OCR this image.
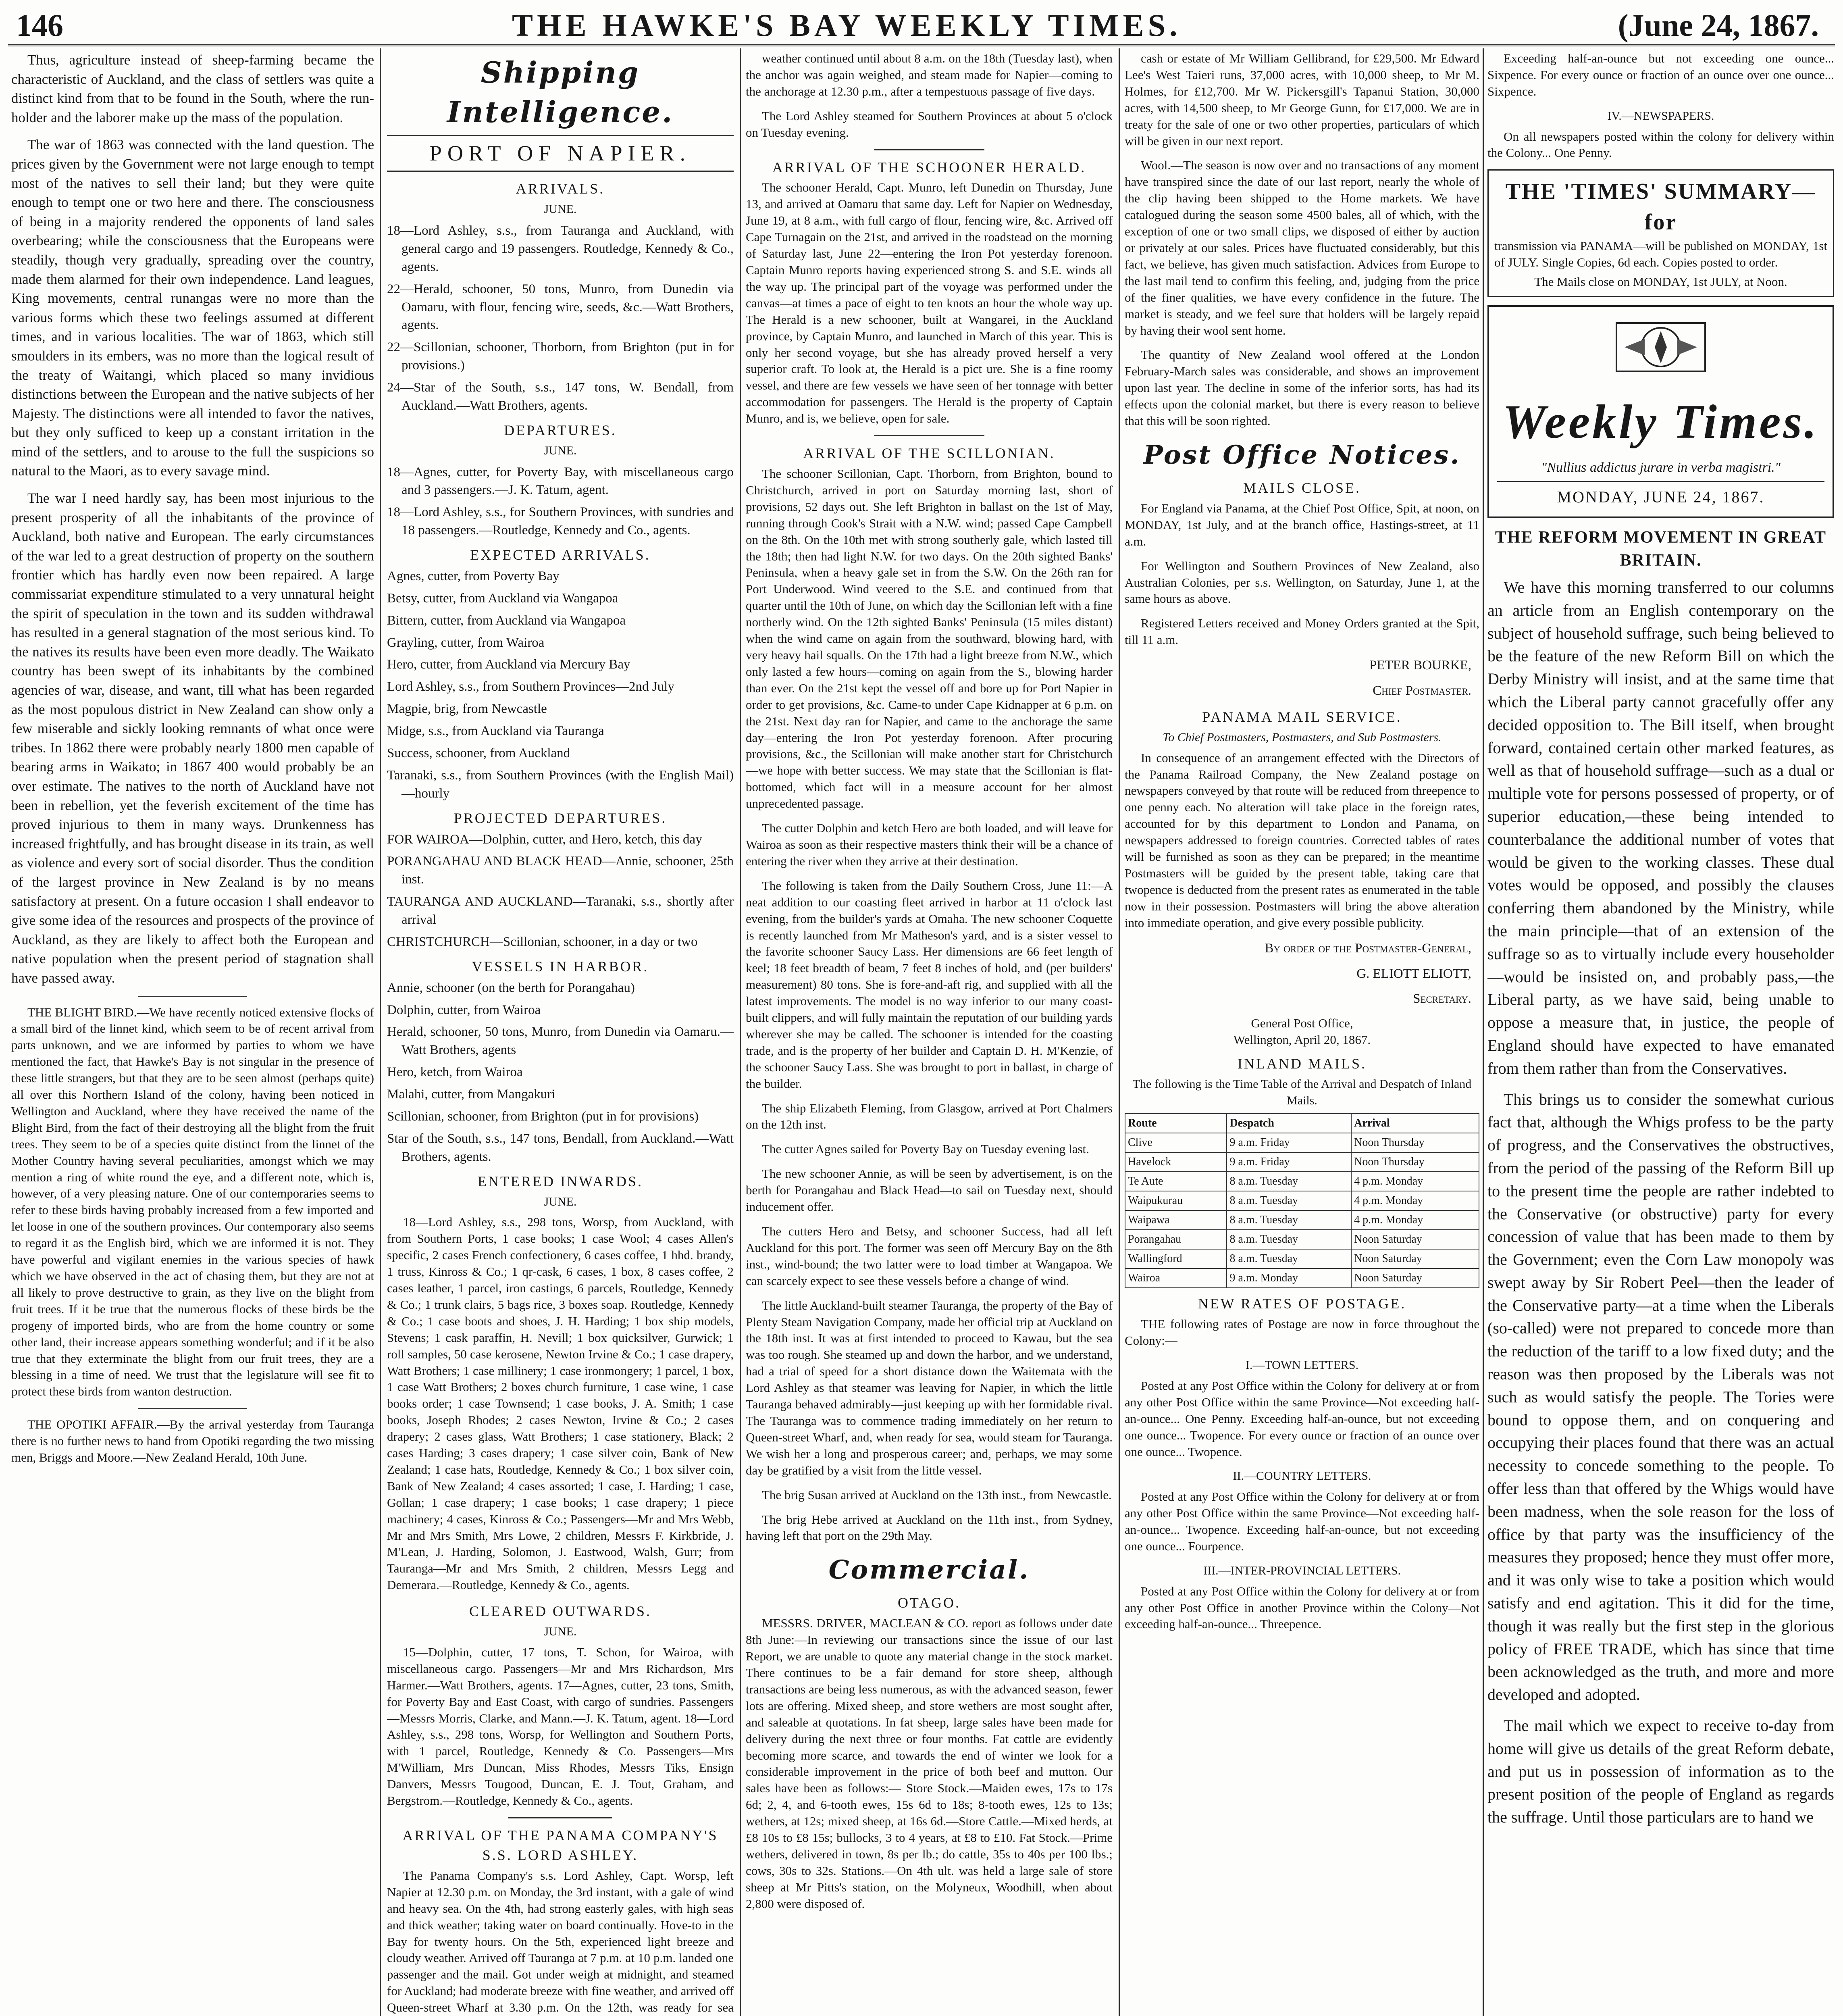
146	THE HAWKE'S BAY WEEKLY TIMES.	(June 24, 1867.

Thus, agriculture instead of sheep-farming became the characteristic of Auckland, and the class of settlers was quite a distinct kind from that to be found in the South, where the run-holder and the laborer make up the mass of the population.

The war of 1863 was connected with the land question. The prices given by the Government were not large enough to tempt most of the natives to sell their land; but they were quite enough to tempt one or two here and there. The consciousness of being in a majority rendered the opponents of land sales overbearing; while the consciousness that the Europeans were steadily, though very gradually, spreading over the country, made them alarmed for their own independence. Land leagues, King movements, central runangas were no more than the various forms which these two feelings assumed at different times, and in various localities. The war of 1863, which still smoulders in its embers, was no more than the logical result of the treaty of Waitangi, which placed so many invidious distinctions between the European and the native subjects of her Majesty. The distinctions were all intended to favor the natives, but they only sufficed to keep up a constant irritation in the mind of the settlers, and to arouse to the full the suspicions so natural to the Maori, as to every savage mind.

The war I need hardly say, has been most injurious to the present prosperity of all the inhabitants of the province of Auckland, both native and European. The early circumstances of the war led to a great destruction of property on the southern frontier which has hardly even now been repaired. A large commissariat expenditure stimulated to a very unnatural height the spirit of speculation in the town and its sudden withdrawal has resulted in a general stagnation of the most serious kind. To the natives its results have been even more deadly. The Waikato country has been swept of its inhabitants by the combined agencies of war, disease, and want, till what has been regarded as the most populous district in New Zealand can show only a few miserable and sickly looking remnants of what once were tribes. In 1862 there were probably nearly 1800 men capable of bearing arms in Waikato; in 1867 400 would probably be an over estimate. The natives to the north of Auckland have not been in rebellion, yet the feverish excitement of the time has proved injurious to them in many ways. Drunkenness has increased frightfully, and has brought disease in its train, as well as violence and every sort of social disorder. Thus the condition of the largest province in New Zealand is by no means satisfactory at present. On a future occasion I shall endeavor to give some idea of the resources and prospects of the province of Auckland, as they are likely to affect both the European and native population when the present period of stagnation shall have passed away.

THE BLIGHT BIRD.—We have recently noticed extensive flocks of a small bird of the linnet kind, which seem to be of recent arrival from parts unknown, and we are informed by parties to whom we have mentioned the fact, that Hawke's Bay is not singular in the presence of these little strangers, but that they are to be seen almost (perhaps quite) all over this Northern Island of the colony, having been noticed in Wellington and Auckland, where they have received the name of the Blight Bird, from the fact of their destroying all the blight from the fruit trees. They seem to be of a species quite distinct from the linnet of the Mother Country having several peculiarities, amongst which we may mention a ring of white round the eye, and a different note, which is, however, of a very pleasing nature. One of our contemporaries seems to refer to these birds having probably increased from a few imported and let loose in one of the southern provinces. Our contemporary also seems to regard it as the English bird, which we are informed it is not. They have powerful and vigilant enemies in the various species of hawk which we have observed in the act of chasing them, but they are not at all likely to prove destructive to grain, as they live on the blight from fruit trees. If it be true that the numerous flocks of these birds be the progeny of imported birds, who are from the home country or some other land, their increase appears something wonderful; and if it be also true that they exterminate the blight from our fruit trees, they are a blessing in a time of need. We trust that the legislature will see fit to protect these birds from wanton destruction.

THE OPOTIKI AFFAIR.—By the arrival yesterday from Tauranga there is no further news to hand from Opotiki regarding the two missing men, Briggs and Moore.—New Zealand Herald, 10th June.

Shipping Intelligence.
PORT OF NAPIER.
ARRIVALS.
JUNE.
18—Lord Ashley, s.s., from Tauranga and Auckland, with general cargo and 19 passengers. Routledge, Kennedy & Co., agents.
22—Herald, schooner, 50 tons, Munro, from Dunedin via Oamaru, with flour, fencing wire, seeds, &c.—Watt Brothers, agents.
22—Scillonian, schooner, Thorborn, from Brighton (put in for provisions.)
24—Star of the South, s.s., 147 tons, W. Bendall, from Auckland.—Watt Brothers, agents.
DEPARTURES.
JUNE.
18—Agnes, cutter, for Poverty Bay, with miscellaneous cargo and 3 passengers.—J. K. Tatum, agent.
18—Lord Ashley, s.s., for Southern Provinces, with sundries and 18 passengers.—Routledge, Kennedy and Co., agents.
EXPECTED ARRIVALS.
Agnes, cutter, from Poverty Bay
Betsy, cutter, from Auckland via Wangapoa
Bittern, cutter, from Auckland via Wangapoa
Grayling, cutter, from Wairoa
Hero, cutter, from Auckland via Mercury Bay
Lord Ashley, s.s., from Southern Provinces—2nd July
Magpie, brig, from Newcastle
Midge, s.s., from Auckland via Tauranga
Success, schooner, from Auckland
Taranaki, s.s., from Southern Provinces (with the English Mail)—hourly
PROJECTED DEPARTURES.
FOR WAIROA—Dolphin, cutter, and Hero, ketch, this day
PORANGAHAU AND BLACK HEAD—Annie, schooner, 25th inst.
TAURANGA AND AUCKLAND—Taranaki, s.s., shortly after arrival
CHRISTCHURCH—Scillonian, schooner, in a day or two
VESSELS IN HARBOR.
Annie, schooner (on the berth for Porangahau)
Dolphin, cutter, from Wairoa
Herald, schooner, 50 tons, Munro, from Dunedin via Oamaru.—Watt Brothers, agents
Hero, ketch, from Wairoa
Malahi, cutter, from Mangakuri
Scillonian, schooner, from Brighton (put in for provisions)
Star of the South, s.s., 147 tons, Bendall, from Auckland.—Watt Brothers, agents.
ENTERED INWARDS.
JUNE.

18—Lord Ashley, s.s., 298 tons, Worsp, from Auckland, with from Southern Ports, 1 case books; 1 case Wool; 4 cases Allen's specific, 2 cases French confectionery, 6 cases coffee, 1 hhd. brandy, 1 truss, Kinross & Co.; 1 qr-cask, 6 cases, 1 box, 8 cases coffee, 2 cases leather, 1 parcel, iron castings, 6 parcels, Routledge, Kennedy & Co.; 1 trunk clairs, 5 bags rice, 3 boxes soap. Routledge, Kennedy & Co.; 1 case boots and shoes, J. H. Harding; 1 box ship models, Stevens; 1 cask paraffin, H. Nevill; 1 box quicksilver, Gurwick; 1 roll samples, 50 case kerosene, Newton Irvine & Co.; 1 case drapery, Watt Brothers; 1 case millinery; 1 case ironmongery; 1 parcel, 1 box, 1 case Watt Brothers; 2 boxes church furniture, 1 case wine, 1 case books order; 1 case Townsend; 1 case books, J. A. Smith; 1 case books, Joseph Rhodes; 2 cases Newton, Irvine & Co.; 2 cases drapery; 2 cases glass, Watt Brothers; 1 case stationery, Black; 2 cases Harding; 3 cases drapery; 1 case silver coin, Bank of New Zealand; 1 case hats, Routledge, Kennedy & Co.; 1 box silver coin, Bank of New Zealand; 4 cases assorted; 1 case, J. Harding; 1 case, Gollan; 1 case drapery; 1 case books; 1 case drapery; 1 piece machinery; 4 cases, Kinross & Co.; Passengers—Mr and Mrs Webb, Mr and Mrs Smith, Mrs Lowe, 2 children, Messrs F. Kirkbride, J. M'Lean, J. Harding, Solomon, J. Eastwood, Walsh, Gurr; from Tauranga—Mr and Mrs Smith, 2 children, Messrs Legg and Demerara.—Routledge, Kennedy & Co., agents.

CLEARED OUTWARDS.
JUNE.

15—Dolphin, cutter, 17 tons, T. Schon, for Wairoa, with miscellaneous cargo. Passengers—Mr and Mrs Richardson, Mrs Harmer.—Watt Brothers, agents. 17—Agnes, cutter, 23 tons, Smith, for Poverty Bay and East Coast, with cargo of sundries. Passengers—Messrs Morris, Clarke, and Mann.—J. K. Tatum, agent. 18—Lord Ashley, s.s., 298 tons, Worsp, for Wellington and Southern Ports, with 1 parcel, Routledge, Kennedy & Co. Passengers—Mrs M'William, Mrs Duncan, Miss Rhodes, Messrs Tiks, Ensign Danvers, Messrs Tougood, Duncan, E. J. Tout, Graham, and Bergstrom.—Routledge, Kennedy & Co., agents.

ARRIVAL OF THE PANAMA COMPANY'S S.S. LORD ASHLEY.

The Panama Company's s.s. Lord Ashley, Capt. Worsp, left Napier at 12.30 p.m. on Monday, the 3rd instant, with a gale of wind and heavy sea. On the 4th, had strong easterly gales, with high seas and thick weather; taking water on board continually. Hove-to in the Bay for twenty hours. On the 5th, experienced light breeze and cloudy weather. Arrived off Tauranga at 7 p.m. at 10 p.m. landed one passenger and the mail. Got under weigh at midnight, and steamed for Auckland; had moderate breeze with fine weather, and arrived off Queen-street Wharf at 3.30 p.m. On the 12th, was ready for sea

weather continued until about 8 a.m. on the 18th (Tuesday last), when the anchor was again weighed, and steam made for Napier—coming to the anchorage at 12.30 p.m., after a tempestuous passage of five days.

The Lord Ashley steamed for Southern Provinces at about 5 o'clock on Tuesday evening.

ARRIVAL OF THE SCHOONER HERALD.

The schooner Herald, Capt. Munro, left Dunedin on Thursday, June 13, and arrived at Oamaru that same day. Left for Napier on Wednesday, June 19, at 8 a.m., with full cargo of flour, fencing wire, &c. Arrived off Cape Turnagain on the 21st, and arrived in the roadstead on the morning of Saturday last, June 22—entering the Iron Pot yesterday forenoon. Captain Munro reports having experienced strong S. and S.E. winds all the way up. The principal part of the voyage was performed under the canvas—at times a pace of eight to ten knots an hour the whole way up. The Herald is a new schooner, built at Wangarei, in the Auckland province, by Captain Munro, and launched in March of this year. This is only her second voyage, but she has already proved herself a very superior craft. To look at, the Herald is a pict ure. She is a fine roomy vessel, and there are few vessels we have seen of her tonnage with better accommodation for passengers. The Herald is the property of Captain Munro, and is, we believe, open for sale.

ARRIVAL OF THE SCILLONIAN.

The schooner Scillonian, Capt. Thorborn, from Brighton, bound to Christchurch, arrived in port on Saturday morning last, short of provisions, 52 days out. She left Brighton in ballast on the 1st of May, running through Cook's Strait with a N.W. wind; passed Cape Campbell on the 8th. On the 10th met with strong southerly gale, which lasted till the 18th; then had light N.W. for two days. On the 20th sighted Banks' Peninsula, when a heavy gale set in from the S.W. On the 26th ran for Port Underwood. Wind veered to the S.E. and continued from that quarter until the 10th of June, on which day the Scillonian left with a fine northerly wind. On the 12th sighted Banks' Peninsula (15 miles distant) when the wind came on again from the southward, blowing hard, with very heavy hail squalls. On the 17th had a light breeze from N.W., which only lasted a few hours—coming on again from the S., blowing harder than ever. On the 21st kept the vessel off and bore up for Port Napier in order to get provisions, &c. Came-to under Cape Kidnapper at 6 p.m. on the 21st. Next day ran for Napier, and came to the anchorage the same day—entering the Iron Pot yesterday forenoon. After procuring provisions, &c., the Scillonian will make another start for Christchurch—we hope with better success. We may state that the Scillonian is flat-bottomed, which fact will in a measure account for her almost unprecedented passage.

The cutter Dolphin and ketch Hero are both loaded, and will leave for Wairoa as soon as their respective masters think their will be a chance of entering the river when they arrive at their destination.

The following is taken from the Daily Southern Cross, June 11:—A neat addition to our coasting fleet arrived in harbor at 11 o'clock last evening, from the builder's yards at Omaha. The new schooner Coquette is recently launched from Mr Matheson's yard, and is a sister vessel to the favorite schooner Saucy Lass. Her dimensions are 66 feet length of keel; 18 feet breadth of beam, 7 feet 8 inches of hold, and (per builders' measurement) 80 tons. She is fore-and-aft rig, and supplied with all the latest improvements. The model is no way inferior to our many coast-built clippers, and will fully maintain the reputation of our building yards wherever she may be called. The schooner is intended for the coasting trade, and is the property of her builder and Captain D. H. M'Kenzie, of the schooner Saucy Lass. She was brought to port in ballast, in charge of the builder.

The ship Elizabeth Fleming, from Glasgow, arrived at Port Chalmers on the 12th inst.

The cutter Agnes sailed for Poverty Bay on Tuesday evening last.

The new schooner Annie, as will be seen by advertisement, is on the berth for Porangahau and Black Head—to sail on Tuesday next, should inducement offer.

The cutters Hero and Betsy, and schooner Success, had all left Auckland for this port. The former was seen off Mercury Bay on the 8th inst., wind-bound; the two latter were to load timber at Wangapoa. We can scarcely expect to see these vessels before a change of wind.

The little Auckland-built steamer Tauranga, the property of the Bay of Plenty Steam Navigation Company, made her official trip at Auckland on the 18th inst. It was at first intended to proceed to Kawau, but the sea was too rough. She steamed up and down the harbor, and we understand, had a trial of speed for a short distance down the Waitemata with the Lord Ashley as that steamer was leaving for Napier, in which the little Tauranga behaved admirably—just keeping up with her formidable rival. The Tauranga was to commence trading immediately on her return to Queen-street Wharf, and, when ready for sea, would steam for Tauranga. We wish her a long and prosperous career; and, perhaps, we may some day be gratified by a visit from the little vessel.

The brig Susan arrived at Auckland on the 13th inst., from Newcastle.

The brig Hebe arrived at Auckland on the 11th inst., from Sydney, having left that port on the 29th May.

Commercial.
OTAGO.

MESSRS. DRIVER, MACLEAN & CO. report as follows under date 8th June:—In reviewing our transactions since the issue of our last Report, we are unable to quote any material change in the stock market. There continues to be a fair demand for store sheep, although transactions are being less numerous, as with the advanced season, fewer lots are offering. Mixed sheep, and store wethers are most sought after, and saleable at quotations. In fat sheep, large sales have been made for delivery during the next three or four months. Fat cattle are evidently becoming more scarce, and towards the end of winter we look for a considerable improvement in the price of both beef and mutton. Our sales have been as follows:— Store Stock.—Maiden ewes, 17s to 17s 6d; 2, 4, and 6-tooth ewes, 15s 6d to 18s; 8-tooth ewes, 12s to 13s; wethers, at 12s; mixed sheep, at 16s 6d.—Store Cattle.—Mixed herds, at £8 10s to £8 15s; bullocks, 3 to 4 years, at £8 to £10. Fat Stock.—Prime wethers, delivered in town, 8s per lb.; do cattle, 35s to 40s per 100 lbs.; cows, 30s to 32s. Stations.—On 4th ult. was held a large sale of store sheep at Mr Pitts's station, on the Molyneux, Woodhill, when about 2,800 were disposed of.

cash or estate of Mr William Gellibrand, for £29,500. Mr Edward Lee's West Taieri runs, 37,000 acres, with 10,000 sheep, to Mr M. Holmes, for £12,700. Mr W. Pickersgill's Tapanui Station, 30,000 acres, with 14,500 sheep, to Mr George Gunn, for £17,000. We are in treaty for the sale of one or two other properties, particulars of which will be given in our next report.

Wool.—The season is now over and no transactions of any moment have transpired since the date of our last report, nearly the whole of the clip having been shipped to the Home markets. We have catalogued during the season some 4500 bales, all of which, with the exception of one or two small clips, we disposed of either by auction or privately at our sales. Prices have fluctuated considerably, but this fact, we believe, has given much satisfaction. Advices from Europe to the last mail tend to confirm this feeling, and, judging from the price of the finer qualities, we have every confidence in the future. The market is steady, and we feel sure that holders will be largely repaid by having their wool sent home.

The quantity of New Zealand wool offered at the London February-March sales was considerable, and shows an improvement upon last year. The decline in some of the inferior sorts, has had its effects upon the colonial market, but there is every reason to believe that this will be soon righted.

Post Office Notices.
MAILS CLOSE.

For England via Panama, at the Chief Post Office, Spit, at noon, on MONDAY, 1st July, and at the branch office, Hastings-street, at 11 a.m.

For Wellington and Southern Provinces of New Zealand, also Australian Colonies, per s.s. Wellington, on Saturday, June 1, at the same hours as above.

Registered Letters received and Money Orders granted at the Spit, till 11 a.m.

PETER BOURKE,
Chief Postmaster.
PANAMA MAIL SERVICE.
To Chief Postmasters, Postmasters, and Sub Postmasters.

In consequence of an arrangement effected with the Directors of the Panama Railroad Company, the New Zealand postage on newspapers conveyed by that route will be reduced from threepence to one penny each. No alteration will take place in the foreign rates, accounted for by this department to London and Panama, on newspapers addressed to foreign countries. Corrected tables of rates will be furnished as soon as they can be prepared; in the meantime Postmasters will be guided by the present table, taking care that twopence is deducted from the present rates as enumerated in the table now in their possession. Postmasters will bring the above alteration into immediate operation, and give every possible publicity.

By order of the Postmaster-General,
G. ELIOTT ELIOTT,
Secretary.
General Post Office,
Wellington, April 20, 1867.
INLAND MAILS.
The following is the Time Table of the Arrival and Despatch of Inland Mails.
Route	Despatch	Arrival
Clive	9 a.m. Friday	Noon Thursday
Havelock	9 a.m. Friday	Noon Thursday
Te Aute	8 a.m. Tuesday	4 p.m. Monday
Waipukurau	8 a.m. Tuesday	4 p.m. Monday
Waipawa	8 a.m. Tuesday	4 p.m. Monday
Porangahau	8 a.m. Tuesday	Noon Saturday
Wallingford	8 a.m. Tuesday	Noon Saturday
Wairoa	9 a.m. Monday	Noon Saturday
NEW RATES OF POSTAGE.

THE following rates of Postage are now in force throughout the Colony:—

I.—TOWN LETTERS.

Posted at any Post Office within the Colony for delivery at or from any other Post Office within the same Province—Not exceeding half-an-ounce... One Penny. Exceeding half-an-ounce, but not exceeding one ounce... Twopence. For every ounce or fraction of an ounce over one ounce... Twopence.

II.—COUNTRY LETTERS.

Posted at any Post Office within the Colony for delivery at or from any other Post Office within the same Province—Not exceeding half-an-ounce... Twopence. Exceeding half-an-ounce, but not exceeding one ounce... Fourpence.

III.—INTER-PROVINCIAL LETTERS.

Posted at any Post Office within the Colony for delivery at or from any other Post Office in another Province within the Colony—Not exceeding half-an-ounce... Threepence.

Exceeding half-an-ounce but not exceeding one ounce... Sixpence. For every ounce or fraction of an ounce over one ounce... Sixpence.

IV.—NEWSPAPERS.

On all newspapers posted within the colony for delivery within the Colony... One Penny.

THE 'TIMES' SUMMARY—for
transmission via PANAMA—will be published on MONDAY, 1st of JULY. Single Copies, 6d each. Copies posted to order.
The Mails close on MONDAY, 1st JULY, at Noon.
Weekly Times.
"Nullius addictus jurare in verba magistri."
MONDAY, JUNE 24, 1867.
THE REFORM MOVEMENT IN GREAT BRITAIN.

We have this morning transferred to our columns an article from an English contemporary on the subject of household suffrage, such being believed to be the feature of the new Reform Bill on which the Derby Ministry will insist, and at the same time that which the Liberal party cannot gracefully offer any decided opposition to. The Bill itself, when brought forward, contained certain other marked features, as well as that of household suffrage—such as a dual or multiple vote for persons possessed of property, or of superior education,—these being intended to counterbalance the additional number of votes that would be given to the working classes. These dual votes would be opposed, and possibly the clauses conferring them abandoned by the Ministry, while the main principle—that of an extension of the suffrage so as to virtually include every householder—would be insisted on, and probably pass,—the Liberal party, as we have said, being unable to oppose a measure that, in justice, the people of England should have expected to have emanated from them rather than from the Conservatives.

This brings us to consider the somewhat curious fact that, although the Whigs profess to be the party of progress, and the Conservatives the obstructives, from the period of the passing of the Reform Bill up to the present time the people are rather indebted to the Conservative (or obstructive) party for every concession of value that has been made to them by the Government; even the Corn Law monopoly was swept away by Sir Robert Peel—then the leader of the Conservative party—at a time when the Liberals (so-called) were not prepared to concede more than the reduction of the tariff to a low fixed duty; and the reason was then proposed by the Liberals was not such as would satisfy the people. The Tories were bound to oppose them, and on conquering and occupying their places found that there was an actual necessity to concede something to the people. To offer less than that offered by the Whigs would have been madness, when the sole reason for the loss of office by that party was the insufficiency of the measures they proposed; hence they must offer more, and it was only wise to take a position which would satisfy and end agitation. This it did for the time, though it was really but the first step in the glorious policy of FREE TRADE, which has since that time been acknowledged as the truth, and more and more developed and adopted.

The mail which we expect to receive to-day from home will give us details of the great Reform debate, and put us in possession of information as to the present position of the people of England as regards the suffrage. Until those particulars are to hand we
